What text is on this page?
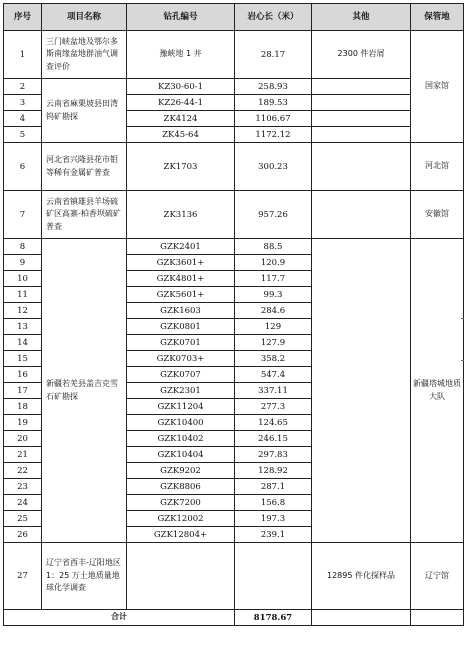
序号	项目名称	钻孔编号	岩心长（米）	其他	保管地
1	三门峡盆地及鄂尔多斯南缘盆地群油气调查评价	豫峡地 1 井	28.17	2300 件岩屑	国家馆
2	云南省麻栗坡县田湾钨矿勘探	KZ30-60-1	258.93		
3		KZ26-44-1	189.53		
4		ZK4124	1106.67		
5		ZK45-64	1172.12		
6	河北省兴隆县花市钼等稀有金属矿普查	ZK1703	300.23		河北馆
7	云南省镇雄县羊场硫矿区高寨-柏香坝硫矿普查	ZK3136	957.26		安徽馆
8	新疆若羌县盖吉克雪石矿勘探	GZK2401	88.5		新疆塔城地质大队
9		GZK3601+	120.9		
10		GZK4801+	117.7		
11		GZK5601+	99.3		
12		GZK1603	284.6		
13		GZK0801	129		
14		GZK0701	127.9		
15		GZK0703+	358.2		
16		GZK0707	547.4		
17		GZK2301	337.11		
18		GZK11204	277.3		
19		GZK10400	124.65		
20		GZK10402	246.15		
21		GZK10404	297.83		
22		GZK9202	128.92		
23		GZK8806	287.1		
24		GZK7200	156.8		
25		GZK12002	197.3		
26		GZK12804+	239.1		
27	辽宁省西丰-辽阳地区 1：25 万土地质量地球化学调查			12895 件化探样品	辽宁馆
合计			8178.67		
